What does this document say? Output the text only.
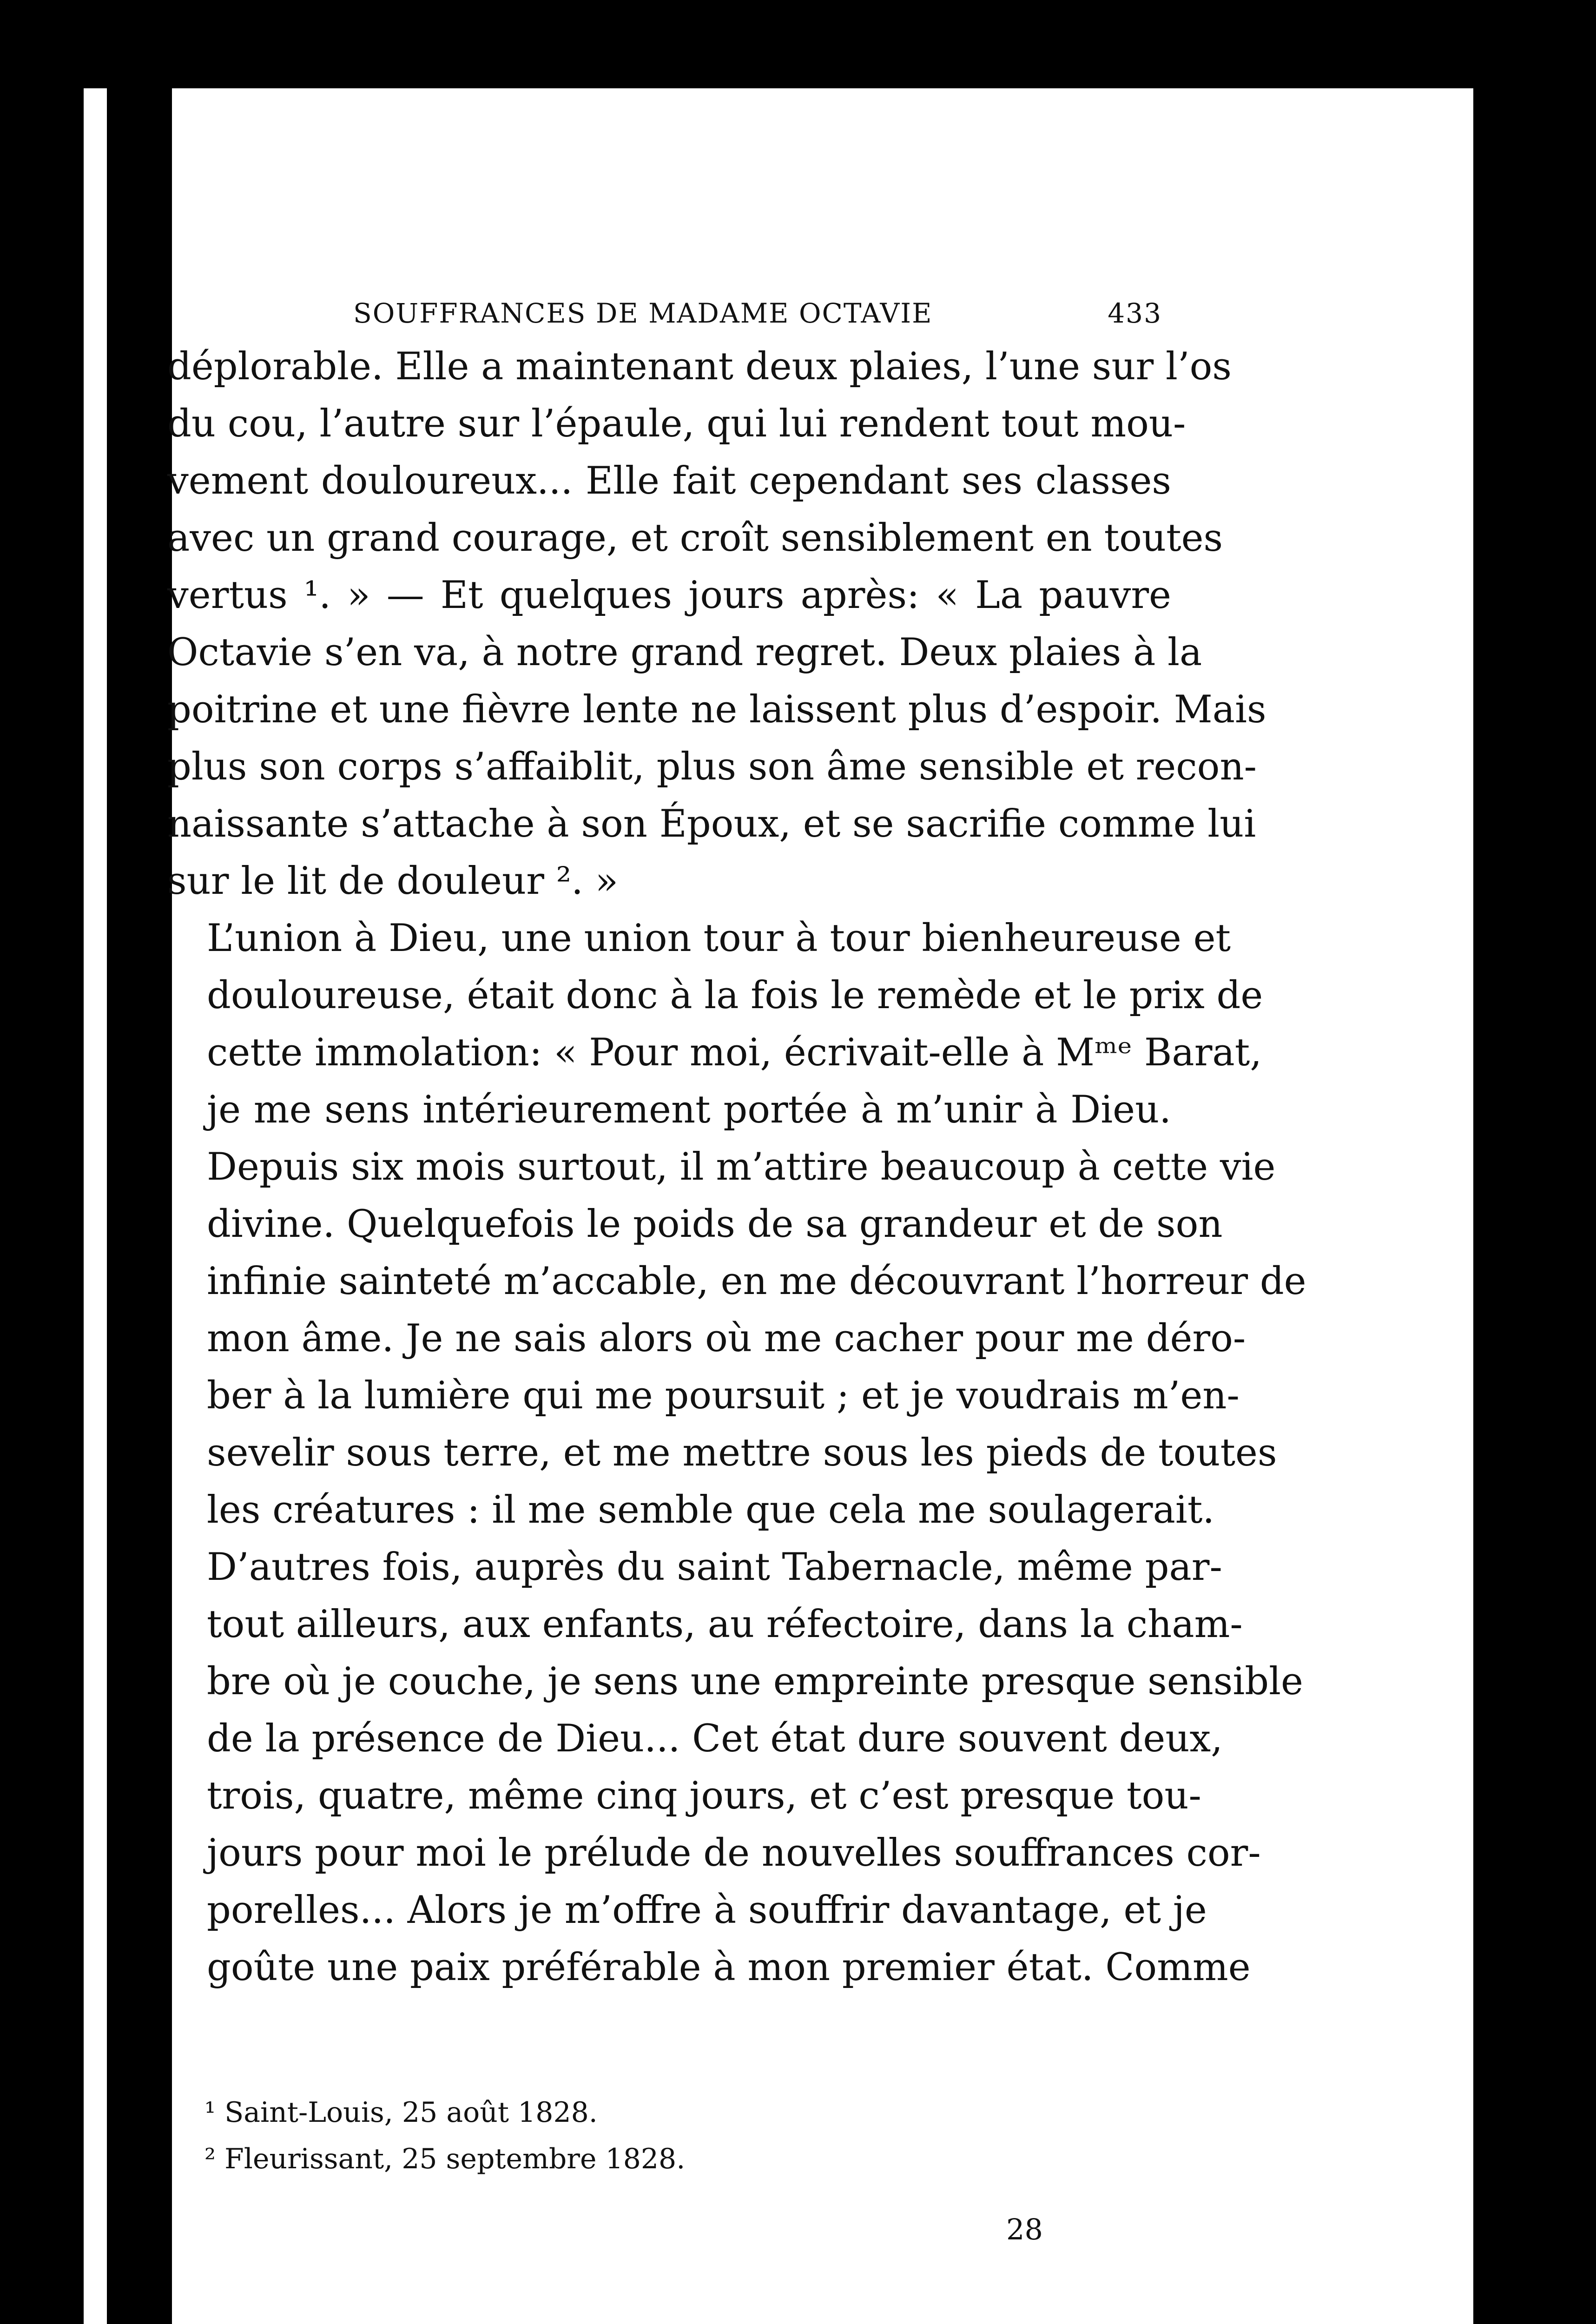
SOUFFRANCES DE MADAME OCTAVIE	433

déplorable. Elle a maintenant deux plaies, l’une sur l’os
du cou, l’autre sur l’épaule, qui lui rendent tout mou-
vement douloureux... Elle fait cependant ses classes
avec un grand courage, et croît sensiblement en toutes
vertus ¹. » — Et quelques jours après: « La pauvre
Octavie s’en va, à notre grand regret. Deux plaies à la
poitrine et une fièvre lente ne laissent plus d’espoir. Mais
plus son corps s’affaiblit, plus son âme sensible et recon-
naissante s’attache à son Époux, et se sacrifie comme lui
sur le lit de douleur ². »

L’union à Dieu, une union tour à tour bienheureuse et
douloureuse, était donc à la fois le remède et le prix de
cette immolation: « Pour moi, écrivait-elle à Mᵐᵉ Barat,
je me sens intérieurement portée à m’unir à Dieu.
Depuis six mois surtout, il m’attire beaucoup à cette vie
divine. Quelquefois le poids de sa grandeur et de son
infinie sainteté m’accable, en me découvrant l’horreur de
mon âme. Je ne sais alors où me cacher pour me déro-
ber à la lumière qui me poursuit ; et je voudrais m’en-
sevelir sous terre, et me mettre sous les pieds de toutes
les créatures : il me semble que cela me soulagerait.
D’autres fois, auprès du saint Tabernacle, même par-
tout ailleurs, aux enfants, au réfectoire, dans la cham-
bre où je couche, je sens une empreinte presque sensible
de la présence de Dieu... Cet état dure souvent deux,
trois, quatre, même cinq jours, et c’est presque tou-
jours pour moi le prélude de nouvelles souffrances cor-
porelles... Alors je m’offre à souffrir davantage, et je
goûte une paix préférable à mon premier état. Comme

¹ Saint-Louis, 25 août 1828.
² Fleurissant, 25 septembre 1828.
28
